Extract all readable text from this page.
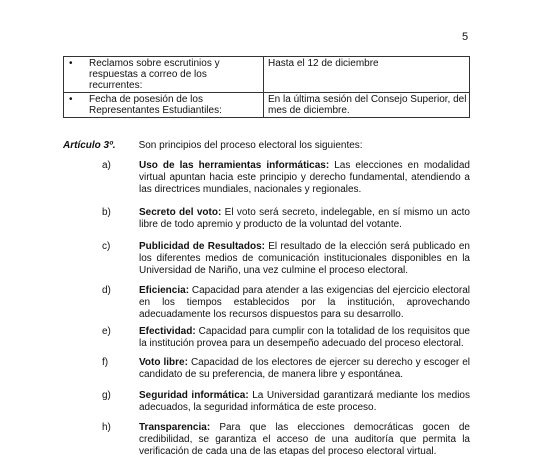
5
• Reclamos sobre escrutinios y respuestas a correo de los recurrentes:	Hasta el 12 de diciembre

• Fecha de posesión de los Representantes Estudiantiles:	En la última sesión del Consejo Superior, del mes de diciembre.
Artículo 3º. Son principios del proceso electoral los siguientes:
a)	Uso de las herramientas informáticas: Las elecciones en modalidad virtual apuntan hacia este principio y derecho fundamental, atendiendo a las directrices mundiales, nacionales y regionales.
b)	Secreto del voto: El voto será secreto, indelegable, en sí mismo un acto libre de todo apremio y producto de la voluntad del votante.
c)	Publicidad de Resultados: El resultado de la elección será publicado en los diferentes medios de comunicación institucionales disponibles en la Universidad de Nariño, una vez culmine el proceso electoral.
d)	Eficiencia: Capacidad para atender a las exigencias del ejercicio electoral en los tiempos establecidos por la institución, aprovechando adecuadamente los recursos dispuestos para su desarrollo.
e)	Efectividad: Capacidad para cumplir con la totalidad de los requisitos que la institución provea para un desempeño adecuado del proceso electoral.
f)	Voto libre: Capacidad de los electores de ejercer su derecho y escoger el candidato de su preferencia, de manera libre y espontánea.
g)	Seguridad informática: La Universidad garantizará mediante los medios adecuados, la seguridad informática de este proceso.
h)	Transparencia: Para que las elecciones democráticas gocen de credibilidad, se garantiza el acceso de una auditoría que permita la verificación de cada una de las etapas del proceso electoral virtual.
